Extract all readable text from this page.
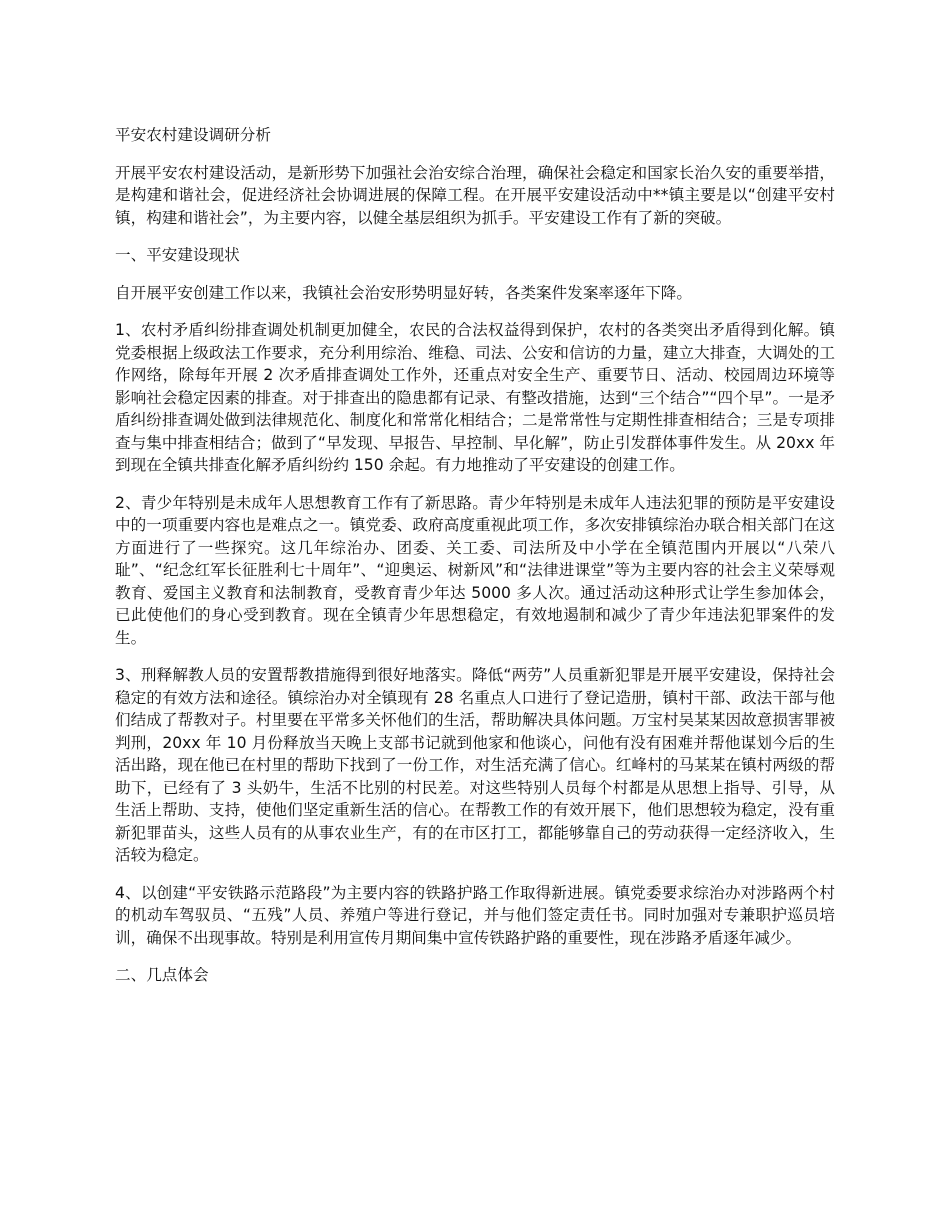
平安农村建设调研分析

开展平安农村建设活动，是新形势下加强社会治安综合治理，确保社会稳定和国家长治久安的重要举措，是构建和谐社会，促进经济社会协调进展的保障工程。在开展平安建设活动中**镇主要是以“创建平安村镇，构建和谐社会”，为主要内容，以健全基层组织为抓手。平安建设工作有了新的突破。

一、平安建设现状

自开展平安创建工作以来，我镇社会治安形势明显好转，各类案件发案率逐年下降。

1、农村矛盾纠纷排查调处机制更加健全，农民的合法权益得到保护，农村的各类突出矛盾得到化解。镇党委根据上级政法工作要求，充分利用综治、维稳、司法、公安和信访的力量，建立大排查，大调处的工作网络，除每年开展 2 次矛盾排查调处工作外，还重点对安全生产、重要节日、活动、校园周边环境等影响社会稳定因素的排查。对于排查出的隐患都有记录、有整改措施，达到“三个结合”“四个早”。一是矛盾纠纷排查调处做到法律规范化、制度化和常常化相结合；二是常常性与定期性排查相结合；三是专项排查与集中排查相结合；做到了“早发现、早报告、早控制、早化解”，防止引发群体事件发生。从 20xx 年到现在全镇共排查化解矛盾纠纷约 150 余起。有力地推动了平安建设的创建工作。

2、青少年特别是未成年人思想教育工作有了新思路。青少年特别是未成年人违法犯罪的预防是平安建设中的一项重要内容也是难点之一。镇党委、政府高度重视此项工作，多次安排镇综治办联合相关部门在这方面进行了一些探究。这几年综治办、团委、关工委、司法所及中小学在全镇范围内开展以“八荣八耻”、“纪念红军长征胜利七十周年”、“迎奥运、树新风”和“法律进课堂”等为主要内容的社会主义荣辱观教育、爱国主义教育和法制教育，受教育青少年达 5000 多人次。通过活动这种形式让学生参加体会，已此使他们的身心受到教育。现在全镇青少年思想稳定，有效地遏制和减少了青少年违法犯罪案件的发生。

3、刑释解教人员的安置帮教措施得到很好地落实。降低“两劳”人员重新犯罪是开展平安建设，保持社会稳定的有效方法和途径。镇综治办对全镇现有 28 名重点人口进行了登记造册，镇村干部、政法干部与他们结成了帮教对子。村里要在平常多关怀他们的生活，帮助解决具体问题。万宝村吴某某因故意损害罪被判刑，20xx 年 10 月份释放当天晚上支部书记就到他家和他谈心，问他有没有困难并帮他谋划今后的生活出路，现在他已在村里的帮助下找到了一份工作，对生活充满了信心。红峰村的马某某在镇村两级的帮助下，已经有了 3 头奶牛，生活不比别的村民差。对这些特别人员每个村都是从思想上指导、引导，从生活上帮助、支持，使他们坚定重新生活的信心。在帮教工作的有效开展下，他们思想较为稳定，没有重新犯罪苗头，这些人员有的从事农业生产，有的在市区打工，都能够靠自己的劳动获得一定经济收入，生活较为稳定。

4、以创建“平安铁路示范路段”为主要内容的铁路护路工作取得新进展。镇党委要求综治办对涉路两个村的机动车驾驭员、“五残”人员、养殖户等进行登记，并与他们签定责任书。同时加强对专兼职护巡员培训，确保不出现事故。特别是利用宣传月期间集中宣传铁路护路的重要性，现在涉路矛盾逐年减少。

二、几点体会
